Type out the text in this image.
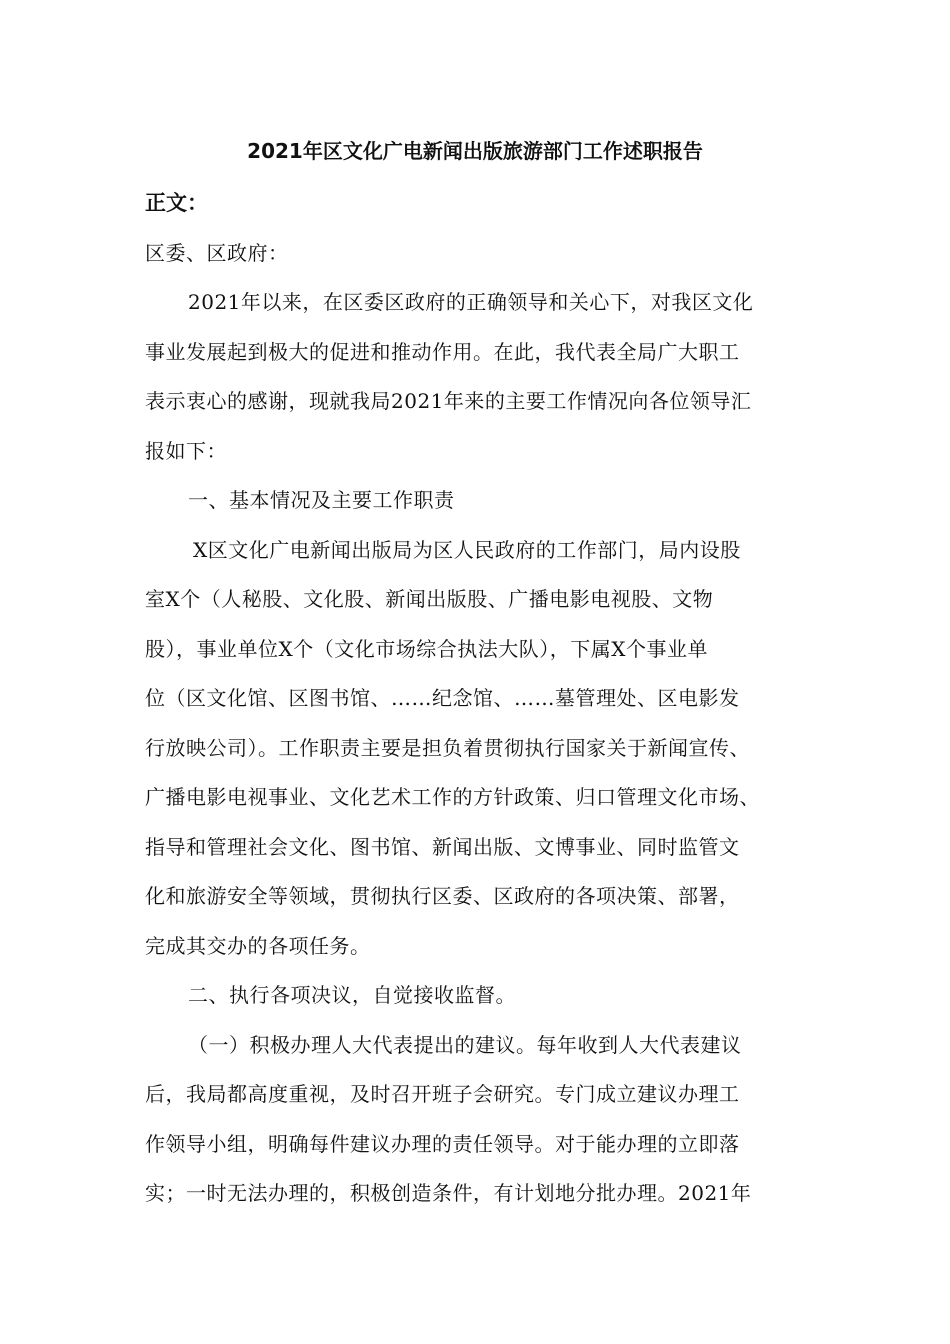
2021年区文化广电新闻出版旅游部门工作述职报告
正文：
区委、区政府：
2021年以来，在区委区政府的正确领导和关心下，对我区文化
事业发展起到极大的促进和推动作用。在此，我代表全局广大职工
表示衷心的感谢，现就我局2021年来的主要工作情况向各位领导汇
报如下：
一、基本情况及主要工作职责
X区文化广电新闻出版局为区人民政府的工作部门，局内设股
室X个（人秘股、文化股、新闻出版股、广播电影电视股、文物
股），事业单位X个（文化市场综合执法大队），下属X个事业单
位（区文化馆、区图书馆、……纪念馆、……墓管理处、区电影发
行放映公司）。工作职责主要是担负着贯彻执行国家关于新闻宣传、
广播电影电视事业、文化艺术工作的方针政策、归口管理文化市场、
指导和管理社会文化、图书馆、新闻出版、文博事业、同时监管文
化和旅游安全等领域，贯彻执行区委、区政府的各项决策、部署，
完成其交办的各项任务。
二、执行各项决议，自觉接收监督。
（一）积极办理人大代表提出的建议。每年收到人大代表建议
后，我局都高度重视，及时召开班子会研究。专门成立建议办理工
作领导小组，明确每件建议办理的责任领导。对于能办理的立即落
实；一时无法办理的，积极创造条件，有计划地分批办理。2021年
